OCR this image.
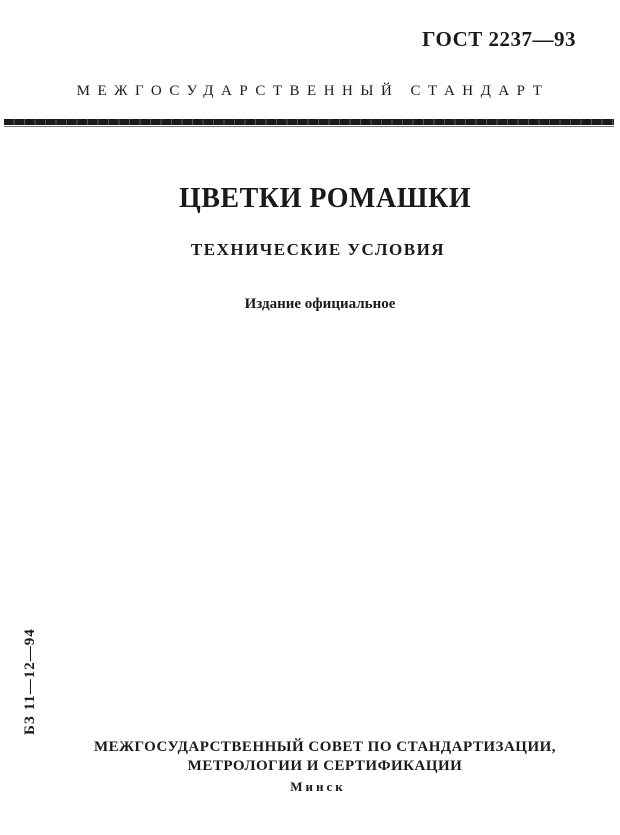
ГОСТ 2237—93
МЕЖГОСУДАРСТВЕННЫЙ СТАНДАРТ
ЦВЕТКИ РОМАШКИ
ТЕХНИЧЕСКИЕ УСЛОВИЯ
Издание официальное
БЗ 11—12—94
МЕЖГОСУДАРСТВЕННЫЙ СОВЕТ ПО СТАНДАРТИЗАЦИИ,
МЕТРОЛОГИИ И СЕРТИФИКАЦИИ
Минск
